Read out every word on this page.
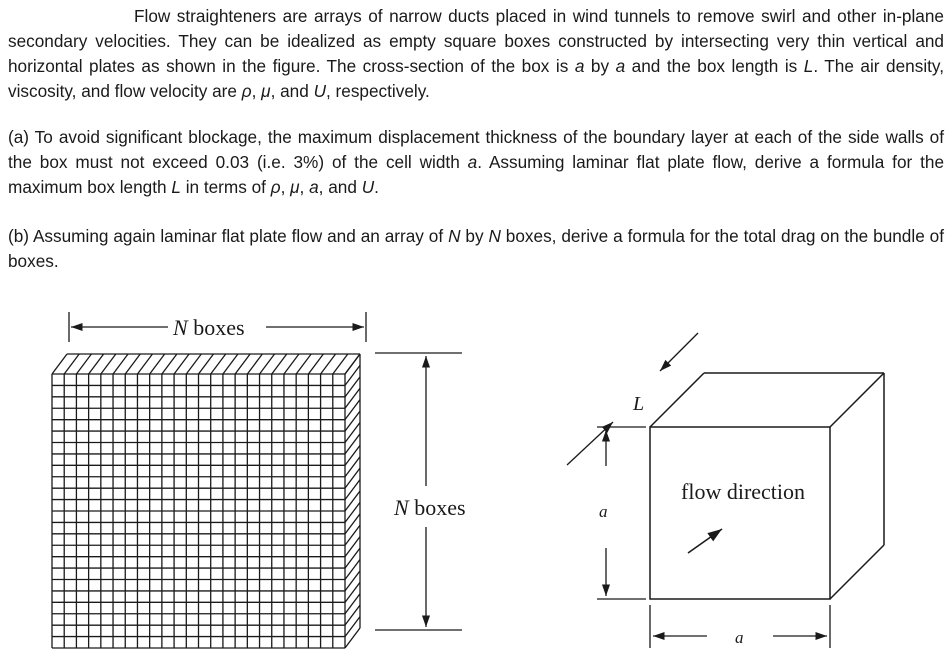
Flow straighteners are arrays of narrow ducts placed in wind tunnels to remove swirl and other in-plane secondary velocities. They can be idealized as empty square boxes constructed by intersecting very thin vertical and horizontal plates as shown in the figure. The cross-section of the box is a by a and the box length is L. The air density, viscosity, and flow velocity are ρ, μ, and U, respectively.

(a) To avoid significant blockage, the maximum displacement thickness of the boundary layer at each of the side walls of the box must not exceed 0.03 (i.e. 3%) of the cell width a. Assuming laminar flat plate flow, derive a formula for the maximum box length L in terms of ρ, μ, a, and U.

(b) Assuming again laminar flat plate flow and an array of N by N boxes, derive a formula for the total drag on the bundle of boxes.

N boxes
N boxes
L
a
a
flow direction
